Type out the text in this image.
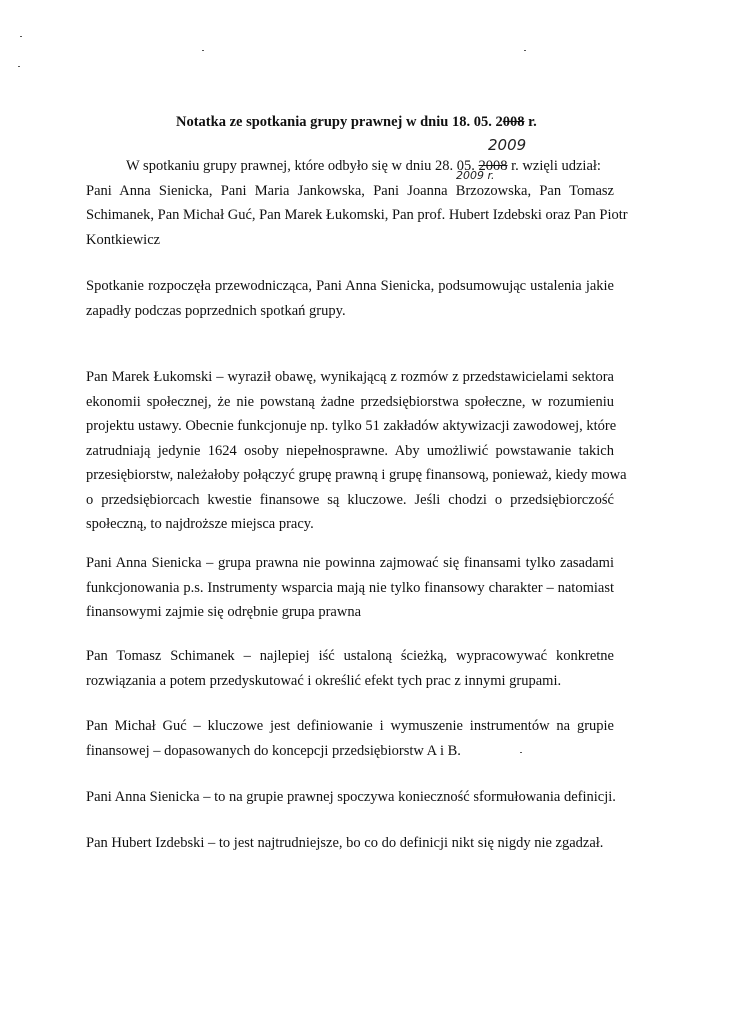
Notatka ze spotkania grupy prawnej w dniu 18. 05. 2008 r.
2009
W spotkaniu grupy prawnej, które odbyło się w dniu 28. 05. 2008 r. wzięli udział:
Pani Anna Sienicka, Pani Maria Jankowska, Pani Joanna Brzozowska, Pan Tomasz
Schimanek, Pan Michał Guć, Pan Marek Łukomski, Pan prof. Hubert Izdebski oraz Pan Piotr
Kontkiewicz
2009 r.
Spotkanie rozpoczęła przewodnicząca, Pani Anna Sienicka, podsumowując ustalenia jakie
zapadły podczas poprzednich spotkań grupy.
Pan Marek Łukomski – wyraził obawę, wynikającą z rozmów z przedstawicielami sektora
ekonomii społecznej, że nie powstaną żadne przedsiębiorstwa społeczne, w rozumieniu
projektu ustawy. Obecnie funkcjonuje np. tylko 51 zakładów aktywizacji zawodowej, które
zatrudniają jedynie 1624 osoby niepełnosprawne. Aby umożliwić powstawanie takich
przesiębiorstw, należałoby połączyć grupę prawną i grupę finansową, ponieważ, kiedy mowa
o przedsiębiorcach kwestie finansowe są kluczowe. Jeśli chodzi o przedsiębiorczość
społeczną, to najdroższe miejsca pracy.
Pani Anna Sienicka – grupa prawna nie powinna zajmować się finansami tylko zasadami
funkcjonowania p.s. Instrumenty wsparcia mają nie tylko finansowy charakter – natomiast
finansowymi zajmie się odrębnie grupa prawna
Pan Tomasz Schimanek – najlepiej iść ustaloną ścieżką, wypracowywać konkretne
rozwiązania a potem przedyskutować i określić efekt tych prac z innymi grupami.
Pan Michał Guć – kluczowe jest definiowanie i wymuszenie instrumentów na grupie
finansowej – dopasowanych do koncepcji przedsiębiorstw A i B.
Pani Anna Sienicka – to na grupie prawnej spoczywa konieczność sformułowania definicji.
Pan Hubert Izdebski – to jest najtrudniejsze, bo co do definicji nikt się nigdy nie zgadzał.
